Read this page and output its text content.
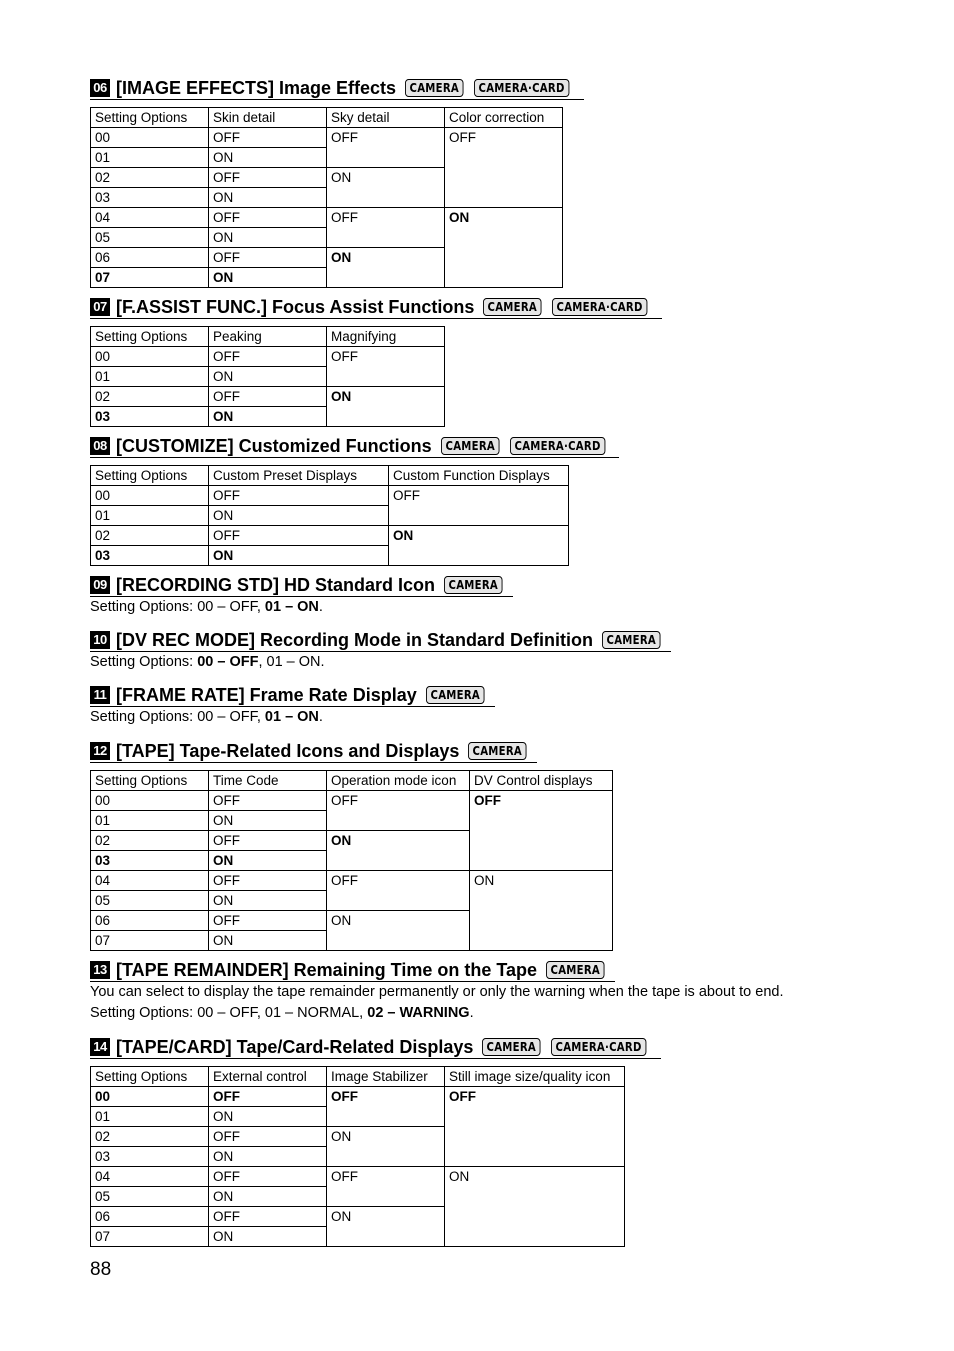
06 [IMAGE EFFECTS] Image Effects	CAMERA	CAMERA·CARD
Setting Options	Skin detail	Sky detail	Color correction
00	OFF	OFF	OFF
01	ON		
02	OFF	ON	
03	ON		
04	OFF	OFF	ON
05	ON		
06	OFF	ON	
07	ON		
07 [F.ASSIST FUNC.] Focus Assist Functions	CAMERA	CAMERA·CARD
Setting Options	Peaking	Magnifying
00	OFF	OFF
01	ON	
02	OFF	ON
03	ON	
08 [CUSTOMIZE] Customized Functions	CAMERA	CAMERA·CARD
Setting Options	Custom Preset Displays	Custom Function Displays
00	OFF	OFF
01	ON	
02	OFF	ON
03	ON	
09 [RECORDING STD] HD Standard Icon	CAMERA
Setting Options: 00 – OFF, 01 – ON.
10 [DV REC MODE] Recording Mode in Standard Definition	CAMERA
Setting Options: 00 – OFF, 01 – ON.
11 [FRAME RATE] Frame Rate Display	CAMERA
Setting Options: 00 – OFF, 01 – ON.
12 [TAPE] Tape-Related Icons and Displays	CAMERA
Setting Options	Time Code	Operation mode icon	DV Control displays
00	OFF	OFF	OFF
01	ON		
02	OFF	ON	
03	ON		
04	OFF	OFF	ON
05	ON		
06	OFF	ON	
07	ON		
13 [TAPE REMAINDER] Remaining Time on the Tape	CAMERA
You can select to display the tape remainder permanently or only the warning when the tape is about to end.
Setting Options: 00 – OFF, 01 – NORMAL, 02 – WARNING.
14 [TAPE/CARD] Tape/Card-Related Displays	CAMERA	CAMERA·CARD
Setting Options	External control	Image Stabilizer	Still image size/quality icon
00	OFF	OFF	OFF
01	ON		
02	OFF	ON	
03	ON		
04	OFF	OFF	ON
05	ON		
06	OFF	ON	
07	ON		
88
